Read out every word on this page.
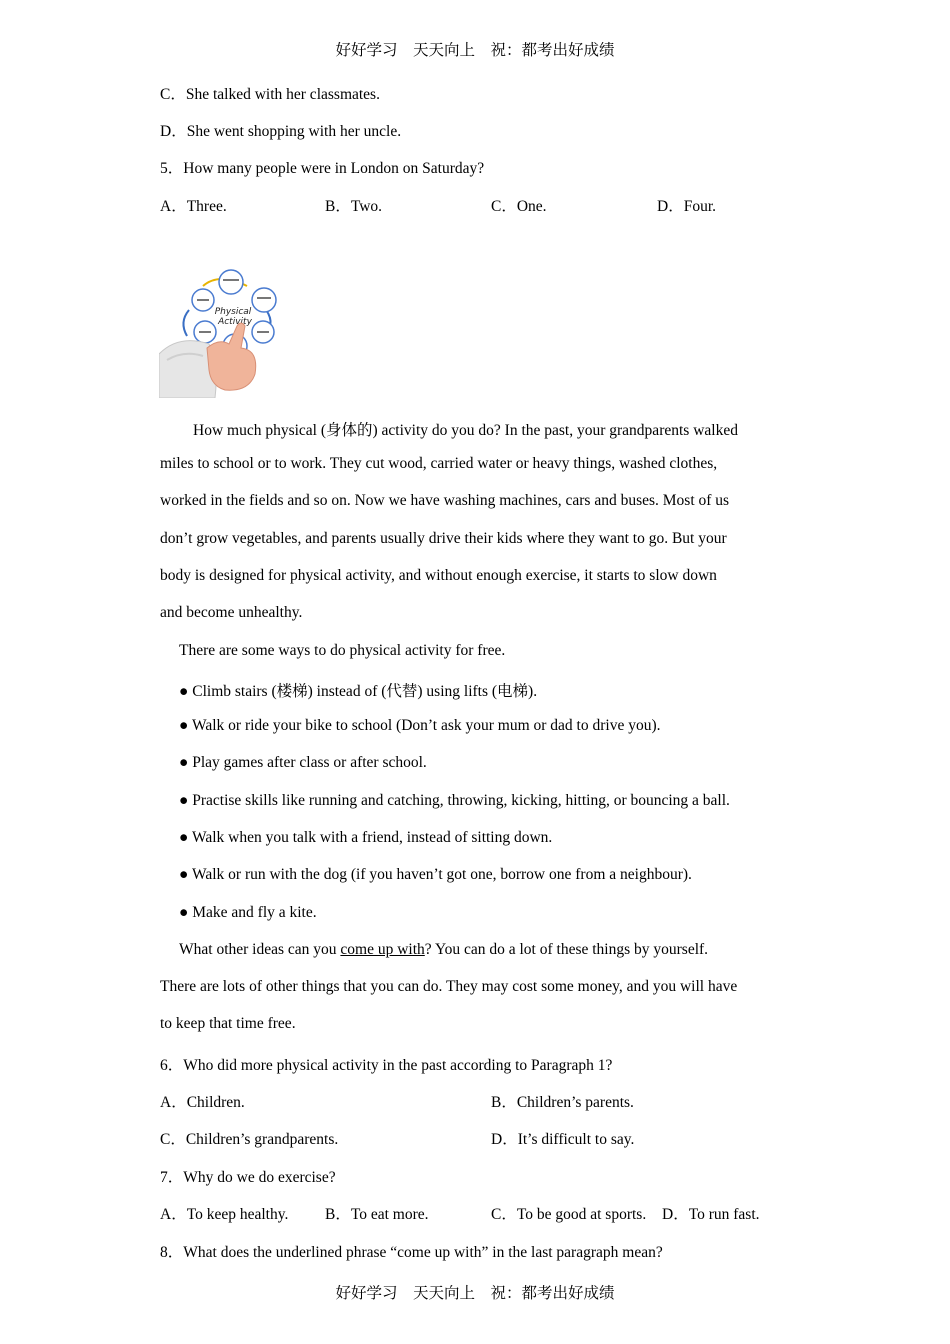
好好学习　天天向上　祝：都考出好成绩
C．She talked with her classmates.
D．She went shopping with her uncle.
5．How many people were in London on Saturday?
A．Three.	B．Two.	C．One.	D．Four.
Physical
Activity
How much physical (身体的) activity do you do? In the past, your grandparents walked
miles to school or to work. They cut wood, carried water or heavy things, washed clothes,
worked in the fields and so on. Now we have washing machines, cars and buses. Most of us
don’t grow vegetables, and parents usually drive their kids where they want to go. But your
body is designed for physical activity, and without enough exercise, it starts to slow down
and become unhealthy.
There are some ways to do physical activity for free.
● Climb stairs (楼梯) instead of (代替) using lifts (电梯).
● Walk or ride your bike to school (Don’t ask your mum or dad to drive you).
● Play games after class or after school.
● Practise skills like running and catching, throwing, kicking, hitting, or bouncing a ball.
● Walk when you talk with a friend, instead of sitting down.
● Walk or run with the dog (if you haven’t got one, borrow one from a neighbour).
● Make and fly a kite.
What other ideas can you come up with? You can do a lot of these things by yourself.
There are lots of other things that you can do. They may cost some money, and you will have
to keep that time free.
6．Who did more physical activity in the past according to Paragraph 1?
A．Children.	B．Children’s parents.
C．Children’s grandparents.	D．It’s difficult to say.
7．Why do we do exercise?
A．To keep healthy. B．To eat more.	C．To be good at sports. D．To run fast.
8．What does the underlined phrase “come up with” in the last paragraph mean?
好好学习　天天向上　祝：都考出好成绩
